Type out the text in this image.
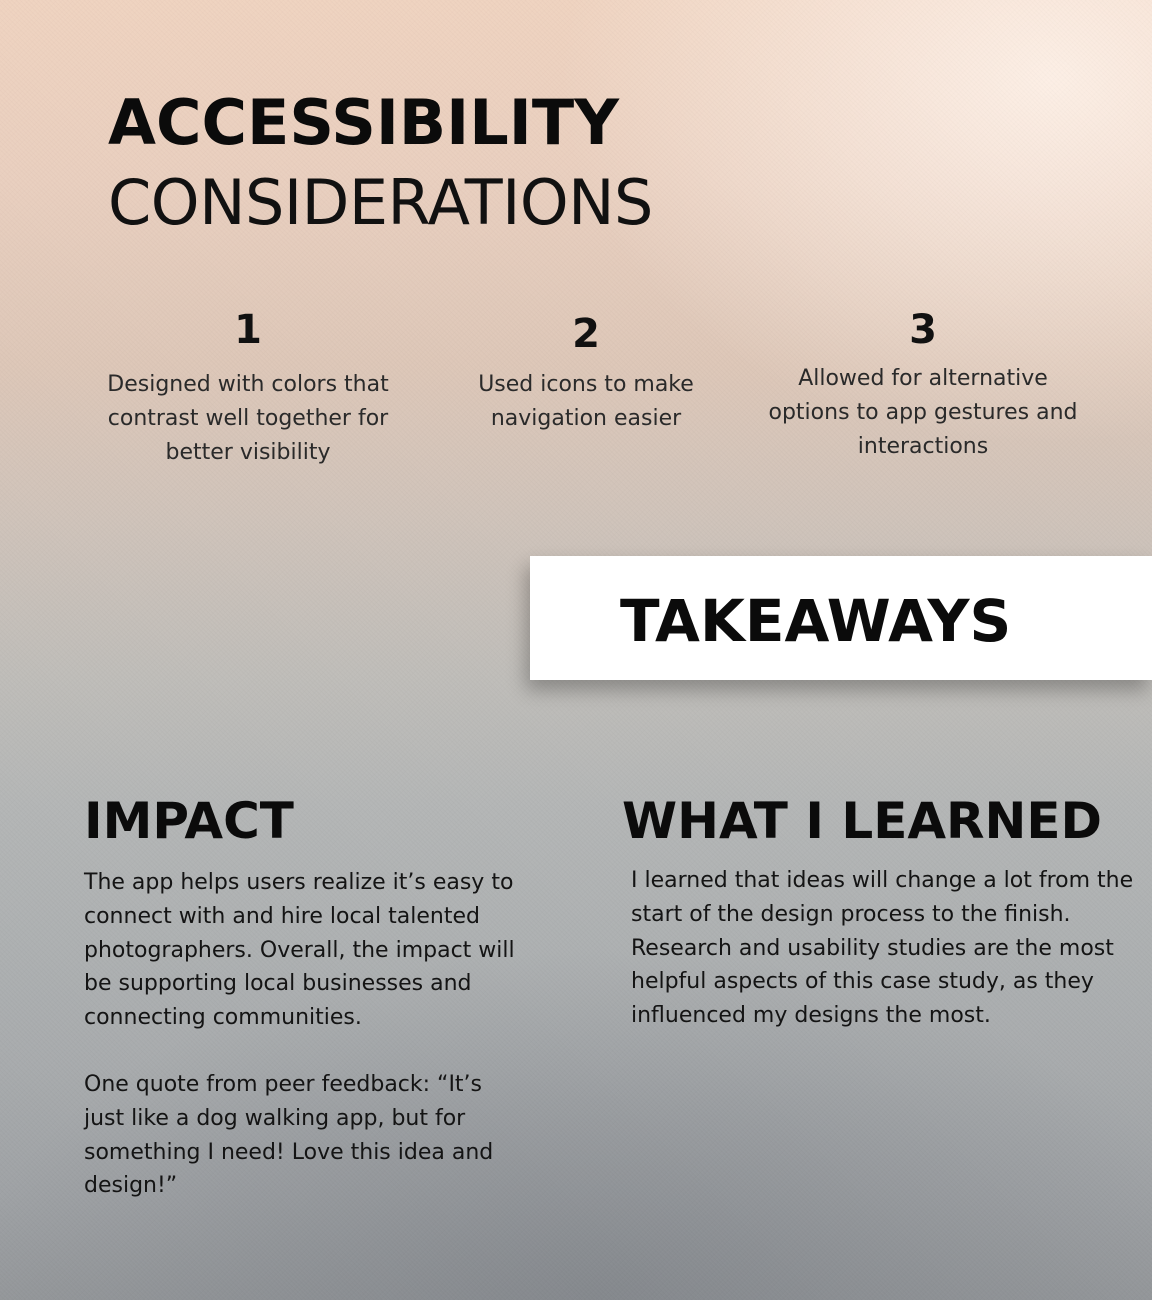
ACCESSIBILITY
CONSIDERATIONS
1
Designed with colors that contrast well together for better visibility
2
Used icons to make navigation easier
3
Allowed for alternative options to app gestures and interactions
TAKEAWAYS
IMPACT

The app helps users realize it’s easy to connect with and hire local talented photographers. Overall, the impact will be supporting local businesses and connecting communities.

One quote from peer feedback: “It’s just like a dog walking app, but for something I need! Love this idea and design!”

WHAT I LEARNED

I learned that ideas will change a lot from the start of the design process to the finish. Research and usability studies are the most helpful aspects of this case study, as they influenced my designs the most.
